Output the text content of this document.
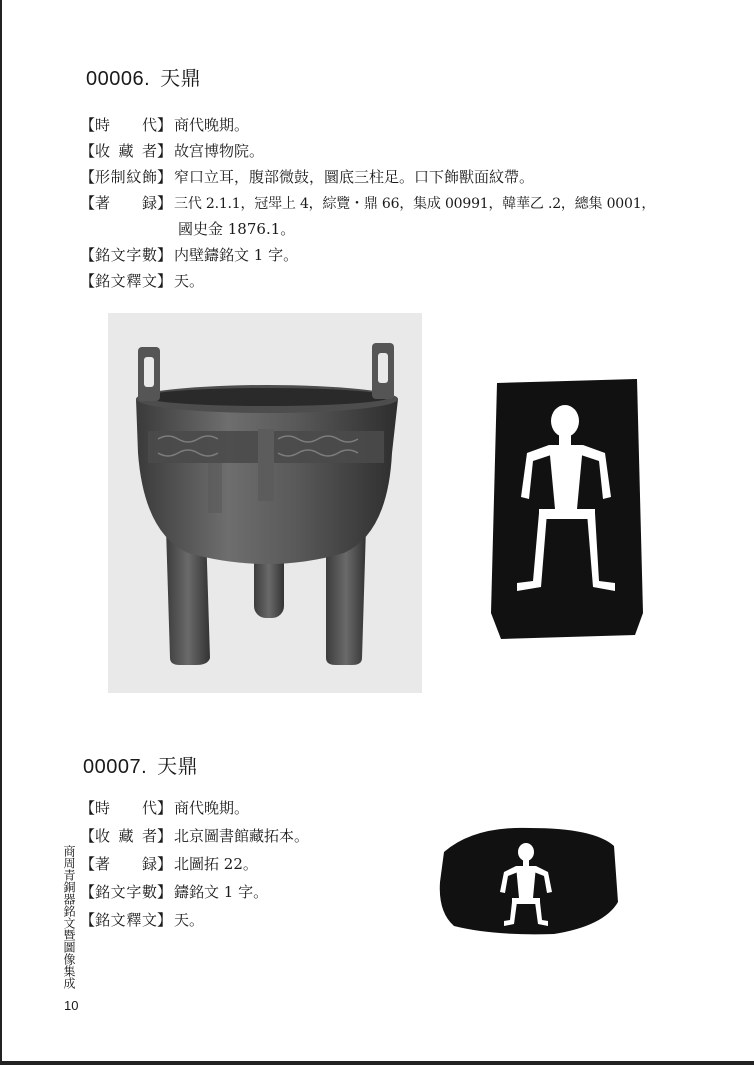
00006. 天鼎
【時　代】 商代晚期。
【收 藏 者】 故宫博物院。
【形制紋飾】 窄口立耳，腹部微鼓，圜底三柱足。口下飾獸面紋帶。
【著　録】 三代 2.1.1，冠斝上 4，綜覽・鼎 66，集成 00991，韓華乙 .2，總集 0001，
國史金 1876.1。
【銘文字數】 内壁鑄銘文 1 字。
【銘文釋文】 天。
00007. 天鼎
【時　代】 商代晚期。
【收 藏 者】 北京圖書館藏拓本。
【著　録】 北圖拓 22。
【銘文字數】 鑄銘文 1 字。
【銘文釋文】 天。
商周青銅器銘文暨圖像集成
10
